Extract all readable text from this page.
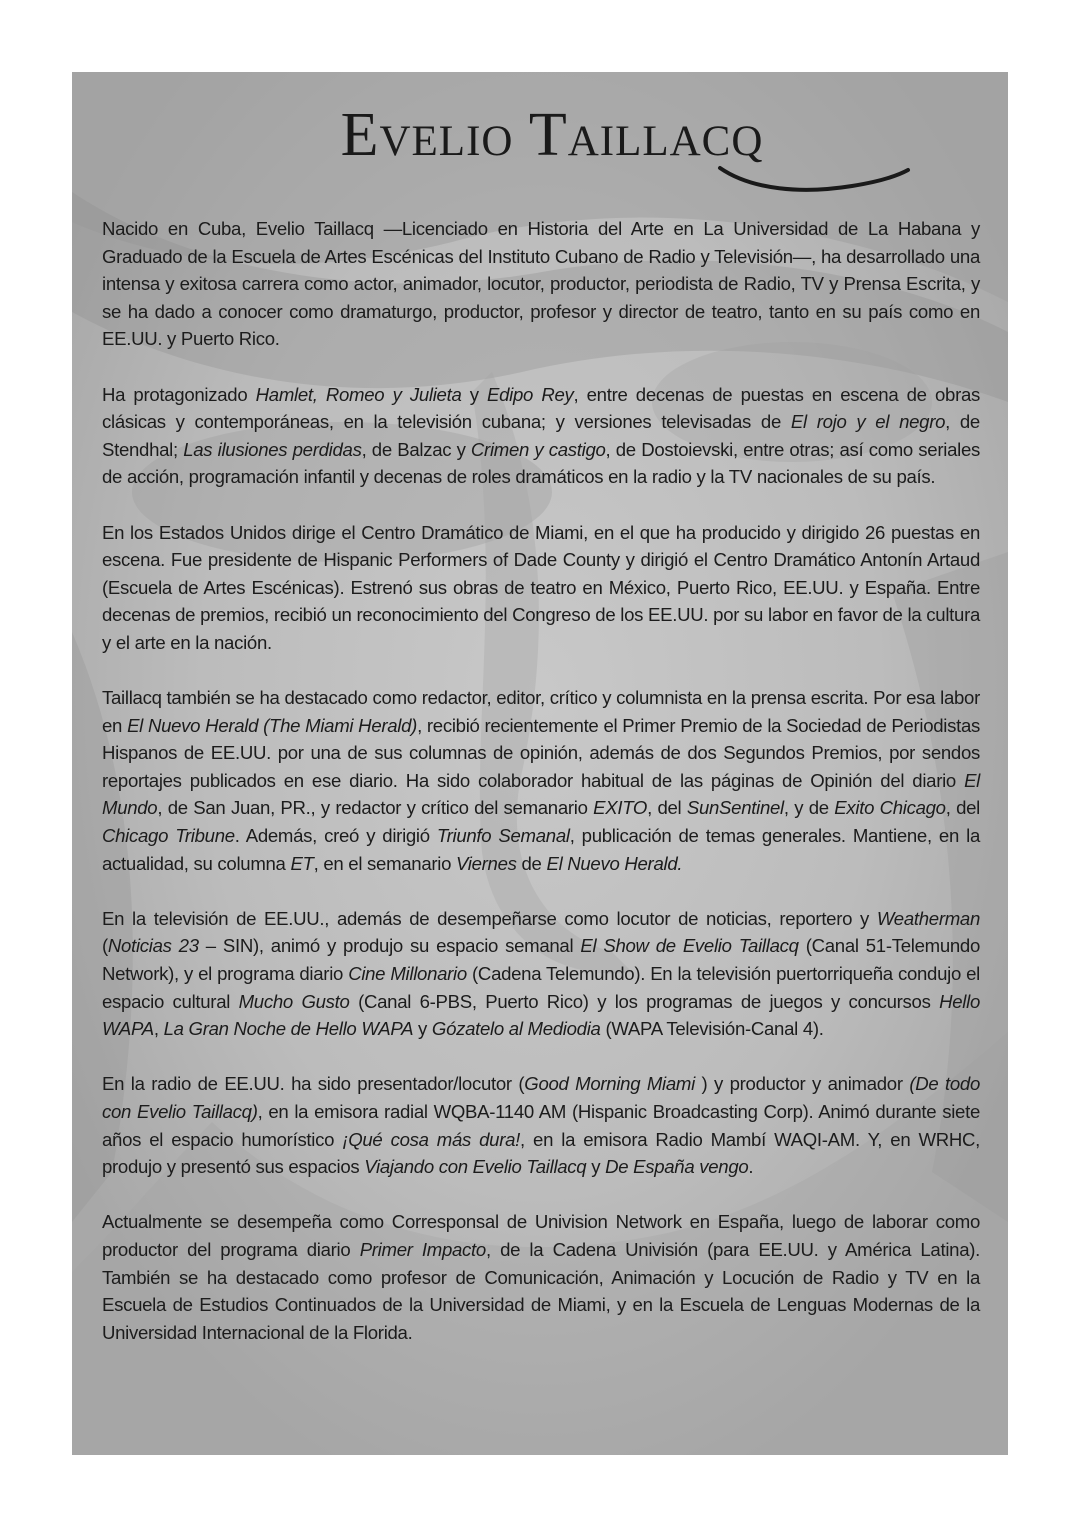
Evelio Taillacq

Nacido en Cuba, Evelio Taillacq —Licenciado en Historia del Arte en La Universidad de La Habana y Graduado de la Escuela de Artes Escénicas del Instituto Cubano de Radio y Televisión—, ha desarrollado una intensa y exitosa carrera como actor, animador, locutor, productor, periodista de Radio, TV y Prensa Escrita, y se ha dado a conocer como dramaturgo, productor, profesor y director de teatro, tanto en su país como en EE.UU. y Puerto Rico.

Ha protagonizado Hamlet, Romeo y Julieta y Edipo Rey, entre decenas de puestas en escena de obras clásicas y contemporáneas, en la televisión cubana; y versiones televisadas de El rojo y el negro, de Stendhal; Las ilusiones perdidas, de Balzac y Crimen y castigo, de Dostoievski, entre otras; así como seriales de acción, programación infantil y decenas de roles dramáticos en la radio y la TV nacionales de su país.

En los Estados Unidos dirige el Centro Dramático de Miami, en el que ha producido y dirigido 26 puestas en escena. Fue presidente de Hispanic Performers of Dade County y dirigió el Centro Dramático Antonín Artaud (Escuela de Artes Escénicas). Estrenó sus obras de teatro en México, Puerto Rico, EE.UU. y España. Entre decenas de premios, recibió un reconocimiento del Congreso de los EE.UU. por su labor en favor de la cultura y el arte en la nación.

Taillacq también se ha destacado como redactor, editor, crítico y columnista en la prensa escrita. Por esa labor en El Nuevo Herald (The Miami Herald), recibió recientemente el Primer Premio de la Sociedad de Periodistas Hispanos de EE.UU. por una de sus columnas de opinión, además de dos Segundos Premios, por sendos reportajes publicados en ese diario. Ha sido colaborador habitual de las páginas de Opinión del diario El Mundo, de San Juan, PR., y redactor y crítico del semanario EXITO, del SunSentinel, y de Exito Chicago, del Chicago Tribune. Además, creó y dirigió Triunfo Semanal, publicación de temas generales. Mantiene, en la actualidad, su columna ET, en el semanario Viernes de El Nuevo Herald.

En la televisión de EE.UU., además de desempeñarse como locutor de noticias, reportero y Weatherman (Noticias 23 – SIN), animó y produjo su espacio semanal El Show de Evelio Taillacq (Canal 51-Telemundo Network), y el programa diario Cine Millonario (Cadena Telemundo). En la televisión puertorriqueña condujo el espacio cultural Mucho Gusto (Canal 6-PBS, Puerto Rico) y los programas de juegos y concursos Hello WAPA, La Gran Noche de Hello WAPA y Gózatelo al Mediodia (WAPA Televisión-Canal 4).

En la radio de EE.UU. ha sido presentador/locutor (Good Morning Miami ) y productor y animador (De todo con Evelio Taillacq), en la emisora radial WQBA-1140 AM (Hispanic Broadcasting Corp). Animó durante siete años el espacio humorístico ¡Qué cosa más dura!, en la emisora Radio Mambí WAQI-AM. Y, en WRHC, produjo y presentó sus espacios Viajando con Evelio Taillacq y De España vengo.

Actualmente se desempeña como Corresponsal de Univision Network en España, luego de laborar como productor del programa diario Primer Impacto, de la Cadena Univisión (para EE.UU. y América Latina). También se ha destacado como profesor de Comunicación, Animación y Locución de Radio y TV en la Escuela de Estudios Continuados de la Universidad de Miami, y en la Escuela de Lenguas Modernas de la Universidad Internacional de la Florida.
